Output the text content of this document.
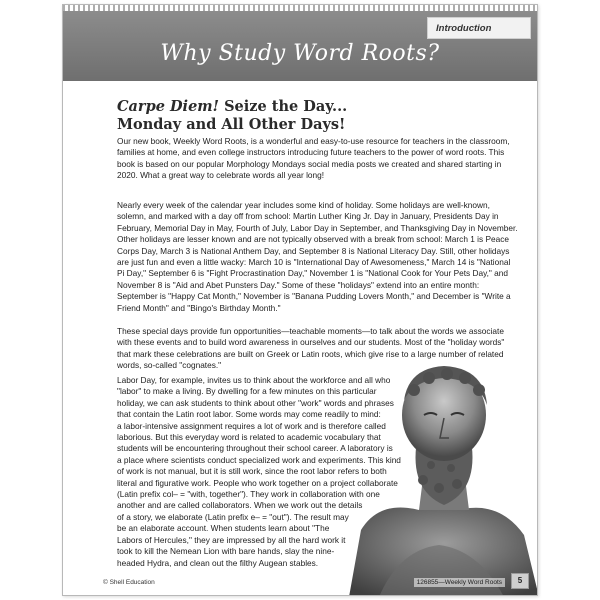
Why Study Word Roots?
Introduction
Carpe Diem! Seize the Day...
Monday and All Other Days!

Our new book, Weekly Word Roots, is a wonderful and easy-to-use resource for teachers in the classroom, families at home, and even college instructors introducing future teachers to the power of word roots. This book is based on our popular Morphology Mondays social media posts we created and shared starting in 2020. What a great way to celebrate words all year long!

Nearly every week of the calendar year includes some kind of holiday. Some holidays are well-known, solemn, and marked with a day off from school: Martin Luther King Jr. Day in January, Presidents Day in February, Memorial Day in May, Fourth of July, Labor Day in September, and Thanksgiving Day in November. Other holidays are lesser known and are not typically observed with a break from school: March 1 is Peace Corps Day, March 3 is National Anthem Day, and September 8 is National Literacy Day. Still, other holidays are just fun and even a little wacky: March 10 is "International Day of Awesomeness," March 14 is "National Pi Day," September 6 is "Fight Procrastination Day," November 1 is "National Cook for Your Pets Day," and November 8 is "Aid and Abet Punsters Day." Some of these "holidays" extend into an entire month: September is "Happy Cat Month," November is "Banana Pudding Lovers Month," and December is "Write a Friend Month" and "Bingo's Birthday Month."

These special days provide fun opportunities—teachable moments—to talk about the words we associate with these events and to build word awareness in ourselves and our students. Most of the "holiday words" that mark these celebrations are built on Greek or Latin roots, which give rise to a large number of related words, so-called "cognates."

Labor Day, for example, invites us to think about the workforce and all who
"labor" to make a living. By dwelling for a few minutes on this particular
holiday, we can ask students to think about other "work" words and phrases
that contain the Latin root labor. Some words may come readily to mind:
a labor-intensive assignment requires a lot of work and is therefore called
laborious. But this everyday word is related to academic vocabulary that
students will be encountering throughout their school career. A laboratory is
a place where scientists conduct specialized work and experiments. This kind
of work is not manual, but it is still work, since the root labor refers to both
literal and figurative work. People who work together on a project collaborate
(Latin prefix col– = "with, together"). They work in collaboration with one
another and are called collaborators. When we work out the details
of a story, we elaborate (Latin prefix e– = "out"). The result may
be an elaborate account. When students learn about "The
Labors of Hercules," they are impressed by all the hard work it
took to kill the Nemean Lion with bare hands, slay the nine-
headed Hydra, and clean out the filthy Augean stables.
© Shell Education	126855—Weekly Word Roots	5
